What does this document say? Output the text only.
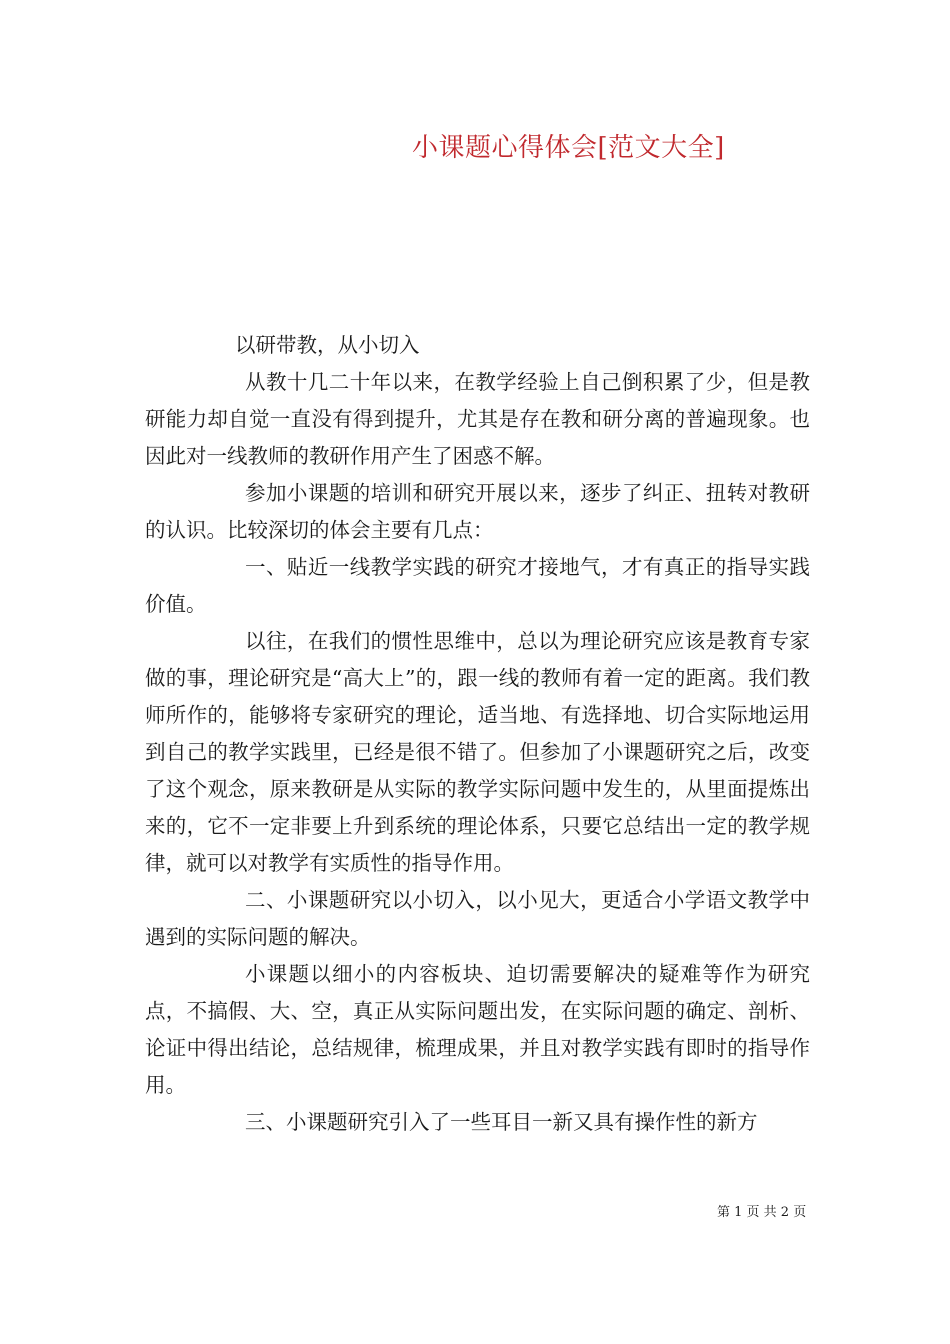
小课题心得体会[范文大全]

以研带教，从小切入

从教十几二十年以来，在教学经验上自己倒积累了少，但是教研能力却自觉一直没有得到提升，尤其是存在教和研分离的普遍现象。也因此对一线教师的教研作用产生了困惑不解。

参加小课题的培训和研究开展以来，逐步了纠正、扭转对教研的认识。比较深切的体会主要有几点：

一、贴近一线教学实践的研究才接地气，才有真正的指导实践价值。

以往，在我们的惯性思维中，总以为理论研究应该是教育专家做的事，理论研究是“高大上”的，跟一线的教师有着一定的距离。我们教师所作的，能够将专家研究的理论，适当地、有选择地、切合实际地运用到自己的教学实践里，已经是很不错了。但参加了小课题研究之后，改变了这个观念，原来教研是从实际的教学实际问题中发生的，从里面提炼出来的，它不一定非要上升到系统的理论体系，只要它总结出一定的教学规律，就可以对教学有实质性的指导作用。

二、小课题研究以小切入，以小见大，更适合小学语文教学中遇到的实际问题的解决。

小课题以细小的内容板块、迫切需要解决的疑难等作为研究点，不搞假、大、空，真正从实际问题出发，在实际问题的确定、剖析、论证中得出结论，总结规律，梳理成果，并且对教学实践有即时的指导作用。

三、小课题研究引入了一些耳目一新又具有操作性的新方

第 1 页 共 2 页
